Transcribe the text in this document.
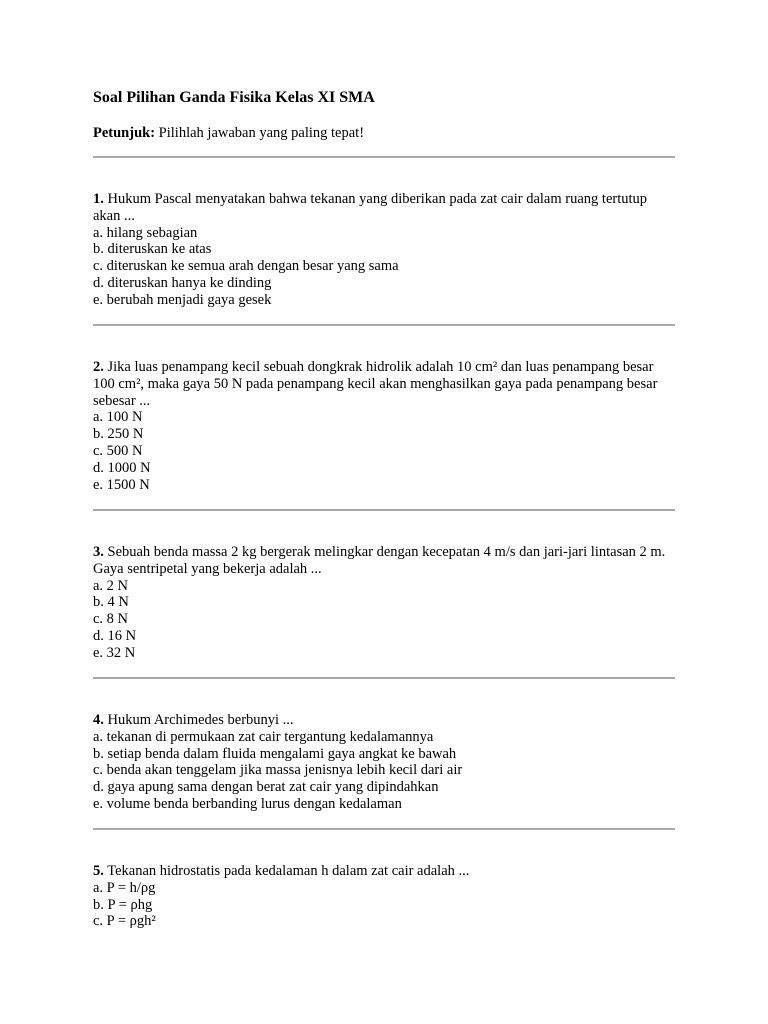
Soal Pilihan Ganda Fisika Kelas XI SMA
Petunjuk: Pilihlah jawaban yang paling tepat!

1. Hukum Pascal menyatakan bahwa tekanan yang diberikan pada zat cair dalam ruang tertutup akan ...

a. hilang sebagian

b. diteruskan ke atas

c. diteruskan ke semua arah dengan besar yang sama

d. diteruskan hanya ke dinding

e. berubah menjadi gaya gesek

2. Jika luas penampang kecil sebuah dongkrak hidrolik adalah 10 cm² dan luas penampang besar 100 cm², maka gaya 50 N pada penampang kecil akan menghasilkan gaya pada penampang besar sebesar ...

a. 100 N

b. 250 N

c. 500 N

d. 1000 N

e. 1500 N

3. Sebuah benda massa 2 kg bergerak melingkar dengan kecepatan 4 m/s dan jari-jari lintasan 2 m. Gaya sentripetal yang bekerja adalah ...

a. 2 N

b. 4 N

c. 8 N

d. 16 N

e. 32 N

4. Hukum Archimedes berbunyi ...

a. tekanan di permukaan zat cair tergantung kedalamannya

b. setiap benda dalam fluida mengalami gaya angkat ke bawah

c. benda akan tenggelam jika massa jenisnya lebih kecil dari air

d. gaya apung sama dengan berat zat cair yang dipindahkan

e. volume benda berbanding lurus dengan kedalaman

5. Tekanan hidrostatis pada kedalaman h dalam zat cair adalah ...

a. P = h/ρg

b. P = ρhg

c. P = ρgh²
